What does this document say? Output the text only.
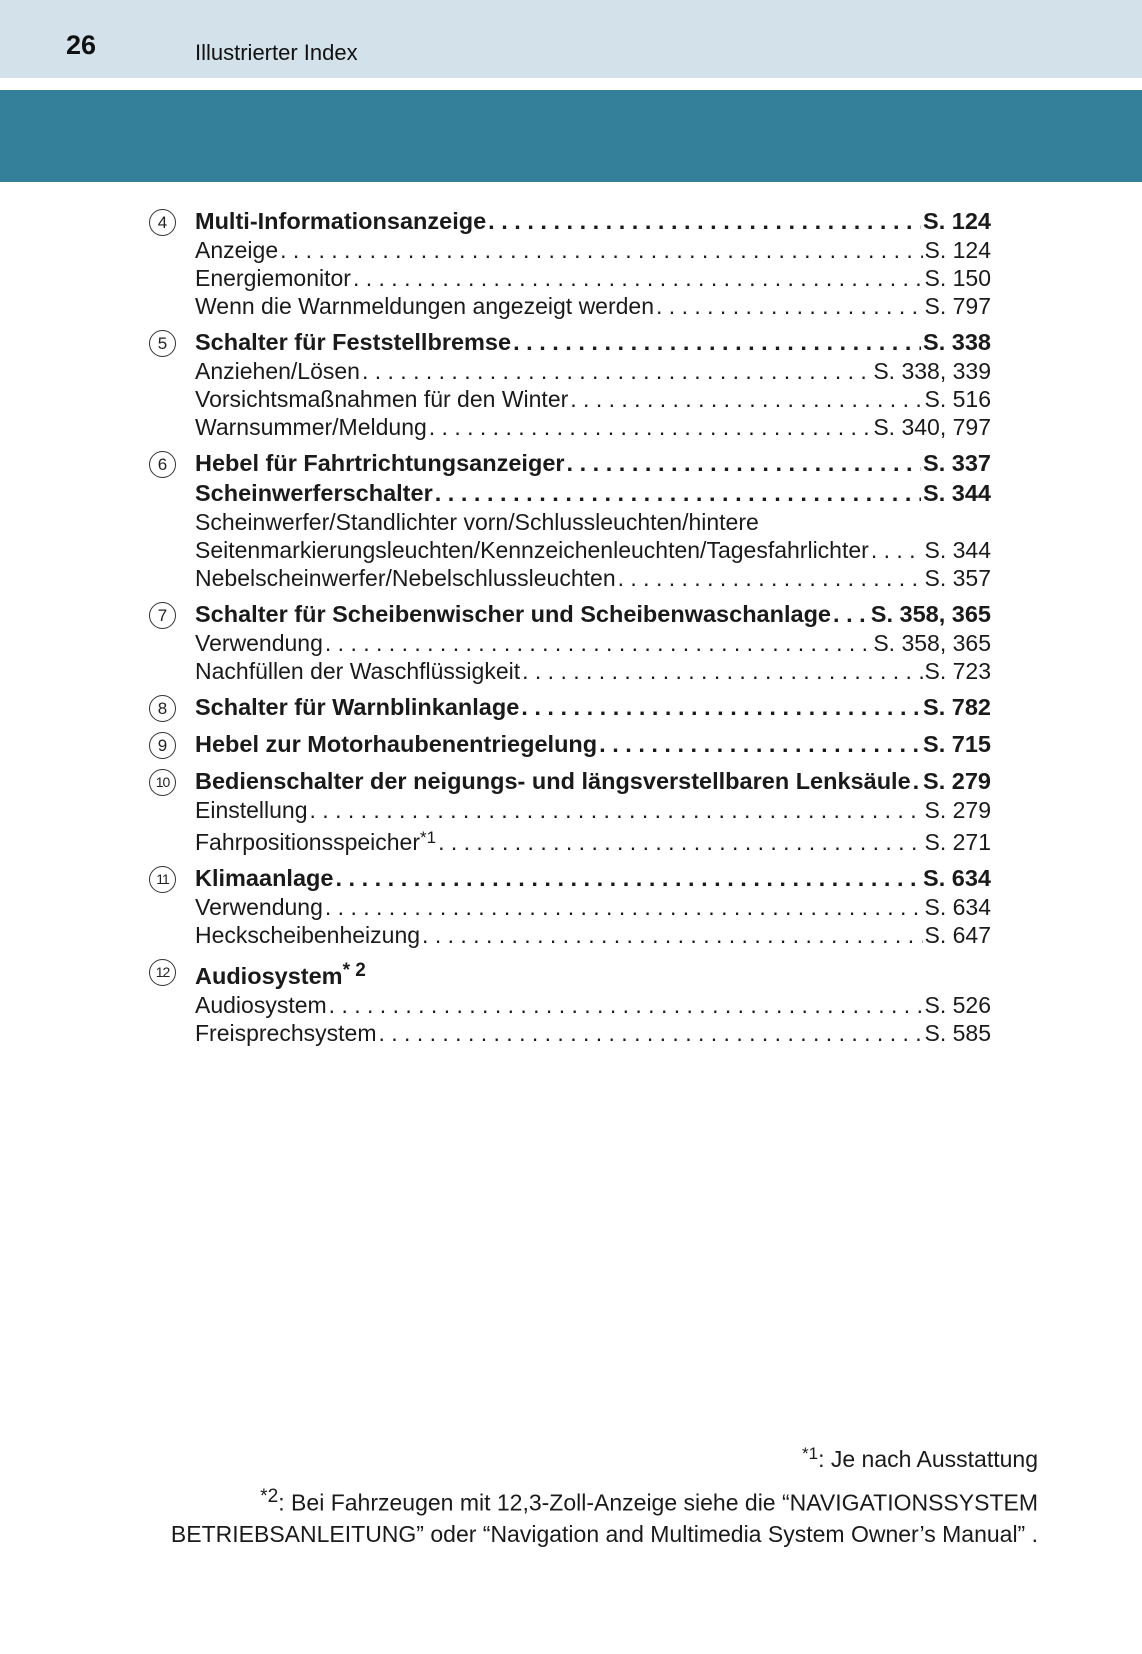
26	Illustrierter Index
4	Multi-Informationsanzeige . . .	S. 124
Anzeige . . .	S. 124
Energiemonitor . . .	S. 150
Wenn die Warnmeldungen angezeigt werden . . .	S. 797
5	Schalter für Feststellbremse . . .	S. 338
Anziehen/Lösen . . .	S. 338, 339
Vorsichtsmaßnahmen für den Winter . . .	S. 516
Warnsummer/Meldung . . .	S. 340, 797
6	Hebel für Fahrtrichtungsanzeiger . . .	S. 337
Scheinwerferschalter . . .	S. 344
Scheinwerfer/Standlichter vorn/Schlussleuchten/hintere
Seitenmarkierungsleuchten/Kennzeichenleuchten/Tagesfahrlichter . . . S. 344
Nebelscheinwerfer/Nebelschlussleuchten . . .	S. 357
7	Schalter für Scheibenwischer und Scheibenwaschanlage . . . S. 358, 365
Verwendung . . .	S. 358, 365
Nachfüllen der Waschflüssigkeit . . .	S. 723
8	Schalter für Warnblinkanlage . . .	S. 782
9	Hebel zur Motorhaubenentriegelung . . .	S. 715
10 Bedienschalter der neigungs- und längsverstellbaren Lenksäule . . . S. 279
Einstellung . . .	S. 279
Fahrpositionsspeicher$^{*1}$ . . .	S. 271
11	Klimaanlage . . .	S. 634
Verwendung . . .	S. 634
Heckscheibenheizung . . .	S. 647
12 Audiosystem$^{* 2}$
Audiosystem . . .	S. 526
Freisprechsystem . . .	S. 585
$^{*1}$: Je nach Ausstattung
$^{*2}$: Bei Fahrzeugen mit 12,3-Zoll-Anzeige siehe die “NAVIGATIONSSYSTEM
BETRIEBSANLEITUNG” oder “Navigation and Multimedia System Owner’s Manual” .
